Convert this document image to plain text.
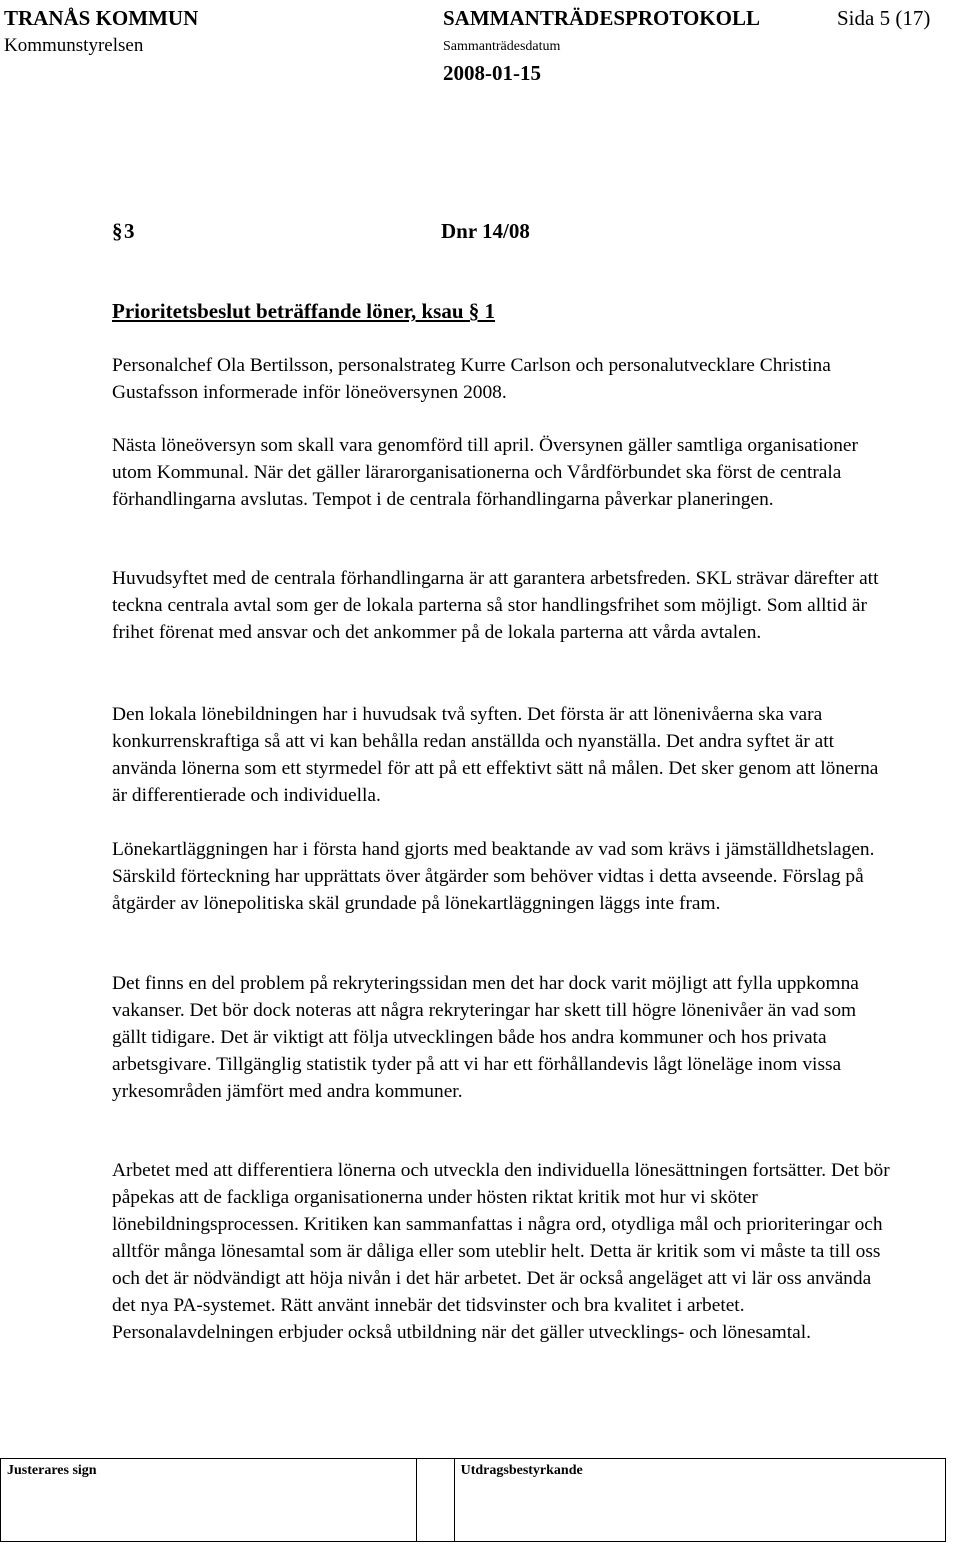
TRANÅS KOMMUN	SAMMANTRÄDESPROTOKOLL	Sida 5 (17)
Kommunstyrelsen	Sammanträdesdatum
2008-01-15
§ 3	Dnr 14/08
Prioritetsbeslut beträffande löner, ksau § 1

Personalchef Ola Bertilsson, personalstrateg Kurre Carlson och personalutvecklare Christina Gustafsson informerade inför löneöversynen 2008.

Nästa löneöversyn som skall vara genomförd till april. Översynen gäller samtliga organisationer utom Kommunal. När det gäller lärarorganisationerna och Vårdförbundet ska först de centrala förhandlingarna avslutas. Tempot i de centrala förhandlingarna påverkar planeringen.

Huvudsyftet med de centrala förhandlingarna är att garantera arbetsfreden. SKL strävar därefter att teckna centrala avtal som ger de lokala parterna så stor handlingsfrihet som möjligt. Som alltid är frihet förenat med ansvar och det ankommer på de lokala parterna att vårda avtalen.

Den lokala lönebildningen har i huvudsak två syften. Det första är att lönenivåerna ska vara konkurrenskraftiga så att vi kan behålla redan anställda och nyanställa. Det andra syftet är att använda lönerna som ett styrmedel för att på ett effektivt sätt nå målen. Det sker genom att lönerna är differentierade och individuella.

Lönekartläggningen har i första hand gjorts med beaktande av vad som krävs i jämställdhetslagen. Särskild förteckning har upprättats över åtgärder som behöver vidtas i detta avseende. Förslag på åtgärder av lönepolitiska skäl grundade på lönekartläggningen läggs inte fram.

Det finns en del problem på rekryteringssidan men det har dock varit möjligt att fylla uppkomna vakanser. Det bör dock noteras att några rekryteringar har skett till högre lönenivåer än vad som gällt tidigare. Det är viktigt att följa utvecklingen både hos andra kommuner och hos privata arbetsgivare. Tillgänglig statistik tyder på att vi har ett förhållandevis lågt löneläge inom vissa yrkesområden jämfört med andra kommuner.

Arbetet med att differentiera lönerna och utveckla den individuella lönesättningen fortsätter. Det bör påpekas att de fackliga organisationerna under hösten riktat kritik mot hur vi sköter lönebildningsprocessen. Kritiken kan sammanfattas i några ord, otydliga mål och prioriteringar och alltför många lönesamtal som är dåliga eller som uteblir helt. Detta är kritik som vi måste ta till oss och det är nödvändigt att höja nivån i det här arbetet. Det är också angeläget att vi lär oss använda det nya PA-systemet. Rätt använt innebär det tidsvinster och bra kvalitet i arbetet. Personalavdelningen erbjuder också utbildning när det gäller utvecklings- och lönesamtal.

Justerares sign		Utdragsbestyrkande
